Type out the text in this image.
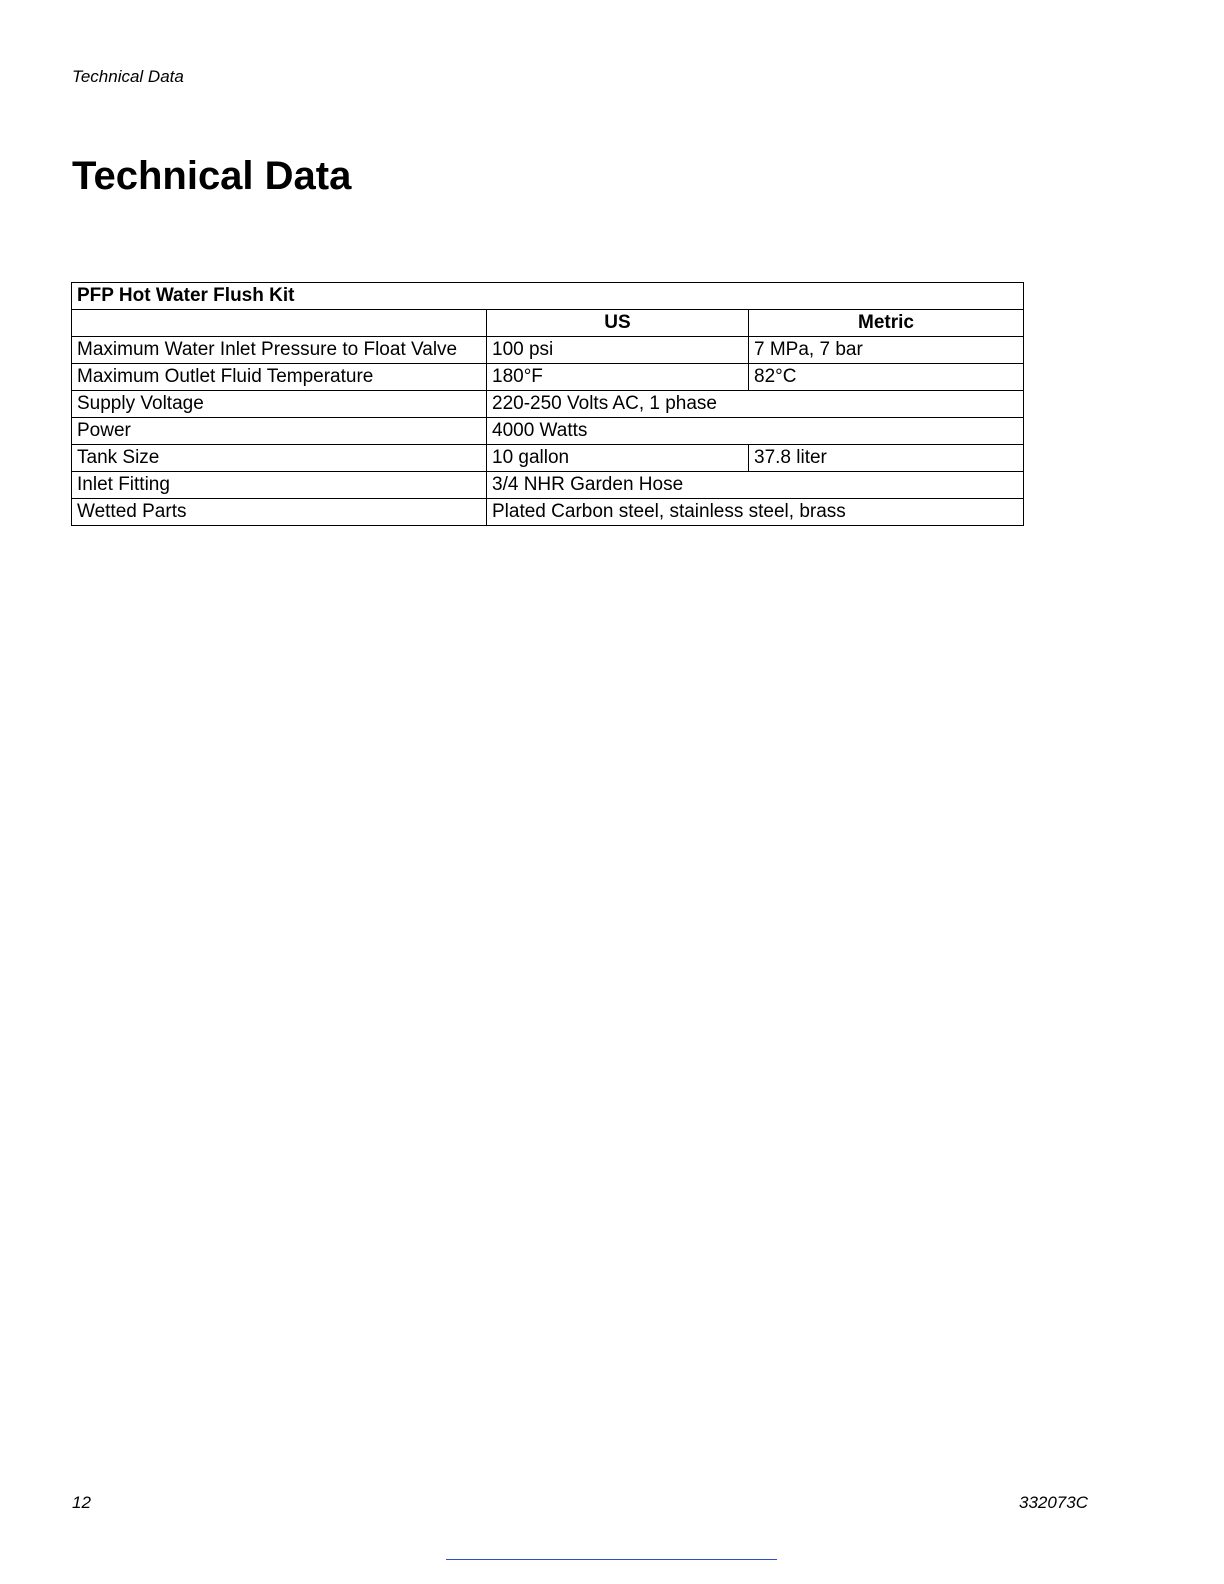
Technical Data
Technical Data
PFP Hot Water Flush Kit		
	US	Metric
Maximum Water Inlet Pressure to Float Valve	100 psi	7 MPa, 7 bar
Maximum Outlet Fluid Temperature	180°F	82°C
Supply Voltage	220-250 Volts AC, 1 phase	
Power	4000 Watts	
Tank Size	10 gallon	37.8 liter
Inlet Fitting	3/4 NHR Garden Hose	
Wetted Parts	Plated Carbon steel, stainless steel, brass	
12	332073C
